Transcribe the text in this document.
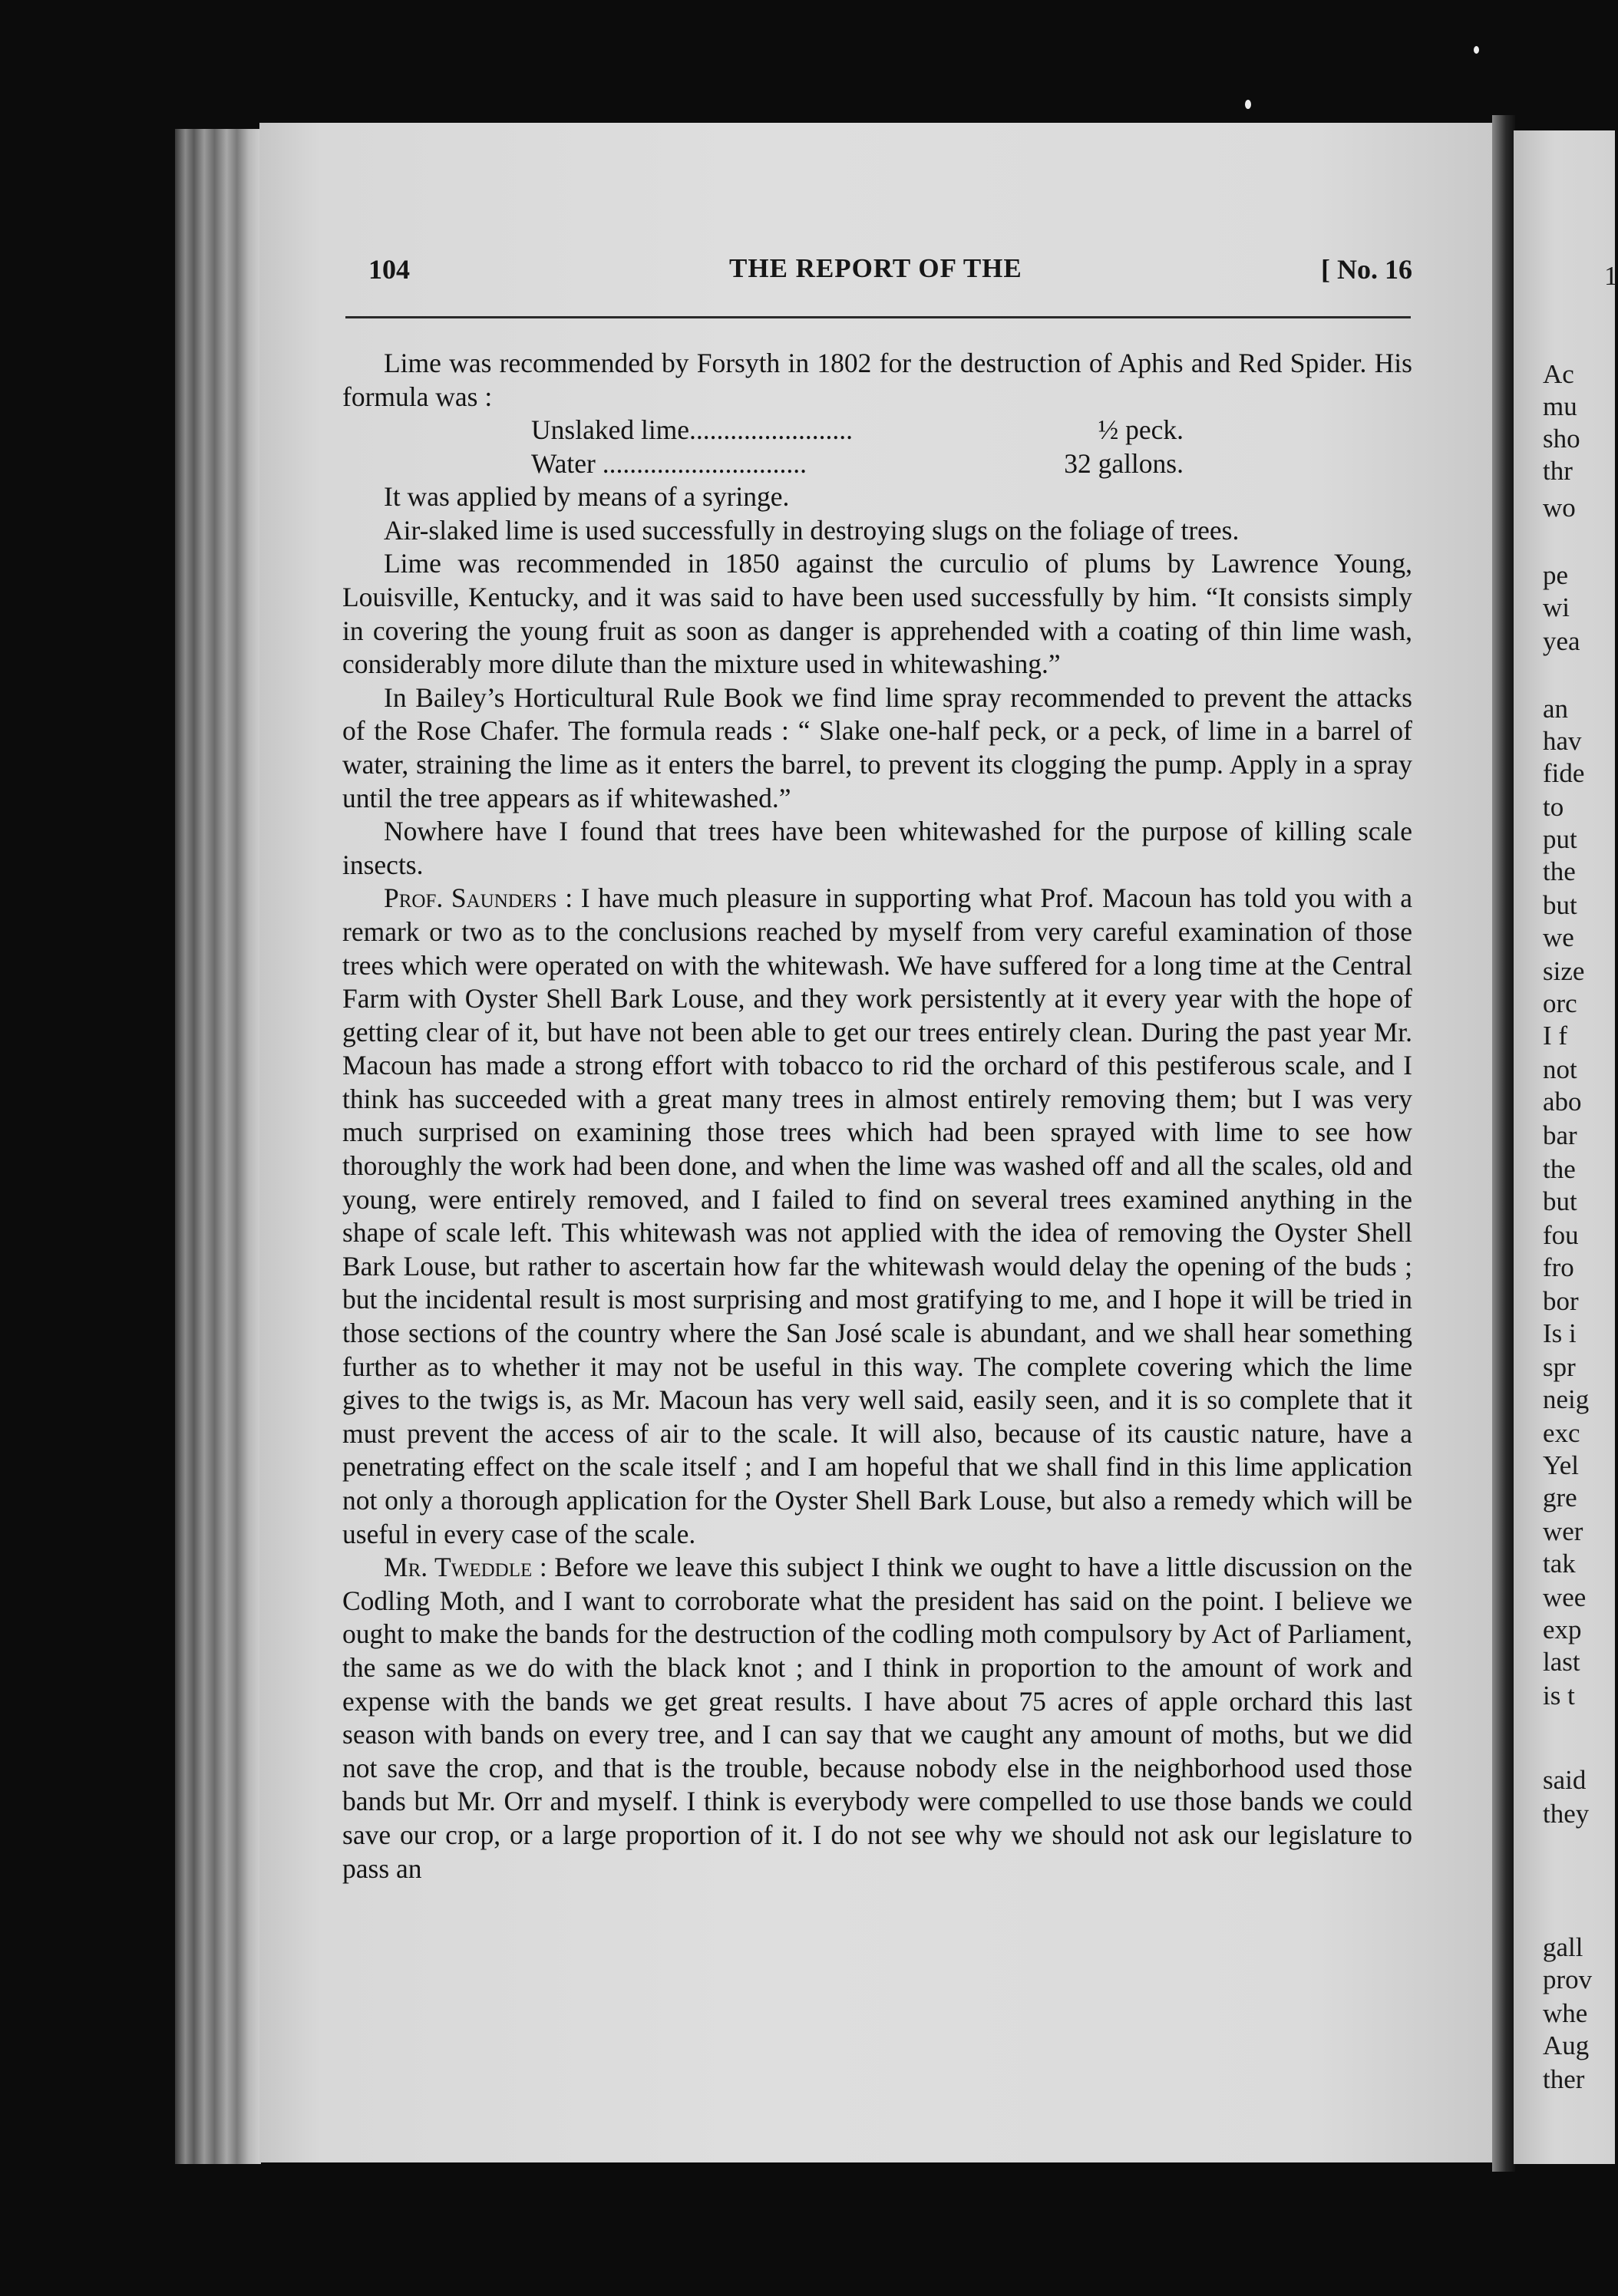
1
Ac
mu
sho
thr
wo
pe
wi
yea
an
hav
fide
to
put
the
but
we
size
orc
I f
not
abo
bar
the
but
fou
fro
bor
Is i
spr
neig
exc
Yel
gre
wer
tak
wee
exp
last
is t
said
they
gall
prov
whe
Aug
ther
104	THE REPORT OF THE	[ No. 16

Lime was recommended by Forsyth in 1802 for the destruction of Aphis and Red Spider. His formula was :

Unslaked lime........................	½ peck.
Water ..............................	32 gallons.

It was applied by means of a syringe.

Air-slaked lime is used successfully in destroying slugs on the foliage of trees.

Lime was recommended in 1850 against the curculio of plums by Lawrence Young, Louisville, Kentucky, and it was said to have been used successfully by him. “It consists simply in covering the young fruit as soon as danger is apprehended with a coating of thin lime wash, considerably more dilute than the mixture used in whitewashing.”

In Bailey’s Horticultural Rule Book we find lime spray recommended to prevent the attacks of the Rose Chafer. The formula reads : “ Slake one-half peck, or a peck, of lime in a barrel of water, straining the lime as it enters the barrel, to prevent its clogging the pump. Apply in a spray until the tree appears as if whitewashed.”

Nowhere have I found that trees have been whitewashed for the purpose of killing scale insects.

Prof. Saunders : I have much pleasure in supporting what Prof. Macoun has told you with a remark or two as to the conclusions reached by myself from very careful examination of those trees which were operated on with the whitewash. We have suffered for a long time at the Central Farm with Oyster Shell Bark Louse, and they work persistently at it every year with the hope of getting clear of it, but have not been able to get our trees entirely clean. During the past year Mr. Macoun has made a strong effort with tobacco to rid the orchard of this pestiferous scale, and I think has succeeded with a great many trees in almost entirely removing them; but I was very much surprised on examining those trees which had been sprayed with lime to see how thoroughly the work had been done, and when the lime was washed off and all the scales, old and young, were entirely removed, and I failed to find on several trees examined anything in the shape of scale left. This whitewash was not applied with the idea of removing the Oyster Shell Bark Louse, but rather to ascertain how far the whitewash would delay the opening of the buds ; but the incidental result is most surprising and most gratifying to me, and I hope it will be tried in those sections of the country where the San José scale is abundant, and we shall hear something further as to whether it may not be useful in this way. The complete covering which the lime gives to the twigs is, as Mr. Macoun has very well said, easily seen, and it is so complete that it must prevent the access of air to the scale. It will also, because of its caustic nature, have a penetrating effect on the scale itself ; and I am hopeful that we shall find in this lime application not only a thorough application for the Oyster Shell Bark Louse, but also a remedy which will be useful in every case of the scale.

Mr. Tweddle : Before we leave this subject I think we ought to have a little discussion on the Codling Moth, and I want to corroborate what the president has said on the point. I believe we ought to make the bands for the destruction of the codling moth compulsory by Act of Parliament, the same as we do with the black knot ; and I think in proportion to the amount of work and expense with the bands we get great results. I have about 75 acres of apple orchard this last season with bands on every tree, and I can say that we caught any amount of moths, but we did not save the crop, and that is the trouble, because nobody else in the neighborhood used those bands but Mr. Orr and myself. I think is everybody were compelled to use those bands we could save our crop, or a large proportion of it. I do not see why we should not ask our legislature to pass an
